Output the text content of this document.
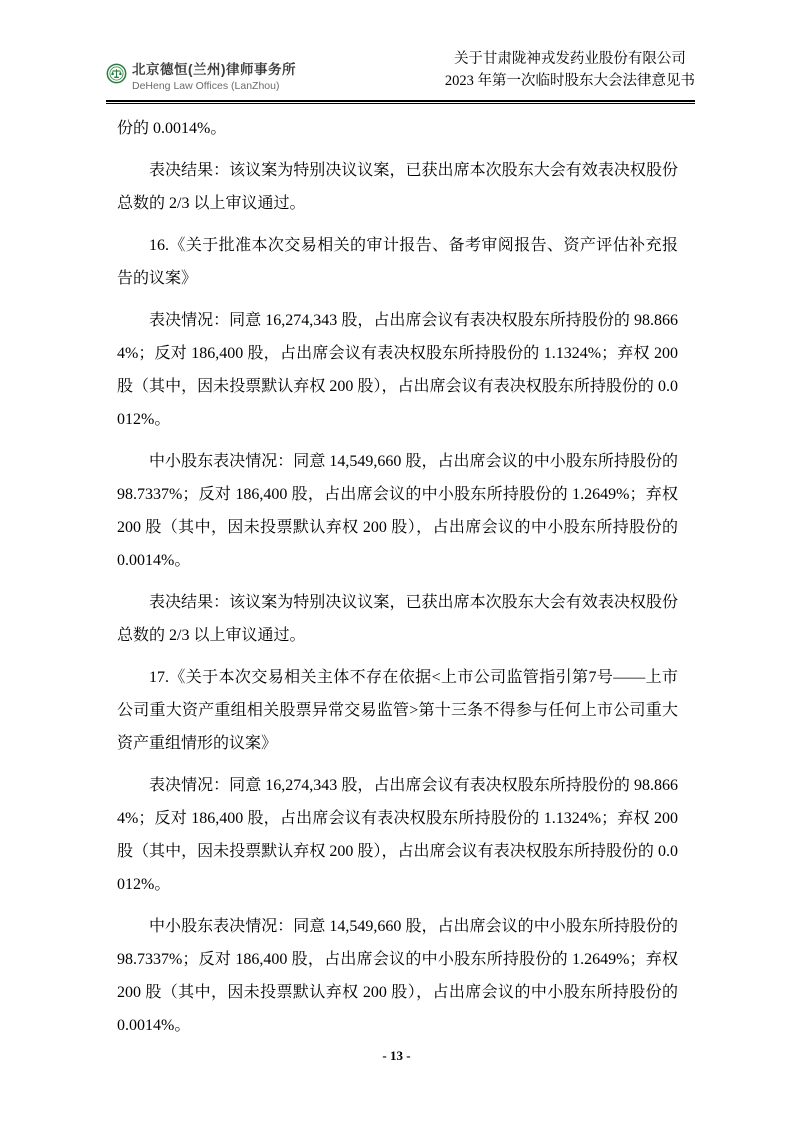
北京德恒(兰州)律师事务所
DeHeng Law Offices (LanZhou)
关于甘肃陇神戎发药业股份有限公司
2023 年第一次临时股东大会法律意见书

份的 0.0014%。

表决结果：该议案为特别决议议案，已获出席本次股东大会有效表决权股份总数的 2/3 以上审议通过。

16.《关于批准本次交易相关的审计报告、备考审阅报告、资产评估补充报告的议案》

表决情况：同意 16,274,343 股，占出席会议有表决权股东所持股份的 98.8664%；反对 186,400 股，占出席会议有表决权股东所持股份的 1.1324%；弃权 200 股（其中，因未投票默认弃权 200 股），占出席会议有表决权股东所持股份的 0.0012%。

中小股东表决情况：同意 14,549,660 股，占出席会议的中小股东所持股份的 98.7337%；反对 186,400 股，占出席会议的中小股东所持股份的 1.2649%；弃权 200 股（其中，因未投票默认弃权 200 股），占出席会议的中小股东所持股份的 0.0014%。

表决结果：该议案为特别决议议案，已获出席本次股东大会有效表决权股份总数的 2/3 以上审议通过。

17.《关于本次交易相关主体不存在依据<上市公司监管指引第7号——上市公司重大资产重组相关股票异常交易监管>第十三条不得参与任何上市公司重大资产重组情形的议案》

表决情况：同意 16,274,343 股，占出席会议有表决权股东所持股份的 98.8664%；反对 186,400 股，占出席会议有表决权股东所持股份的 1.1324%；弃权 200 股（其中，因未投票默认弃权 200 股），占出席会议有表决权股东所持股份的 0.0012%。

中小股东表决情况：同意 14,549,660 股，占出席会议的中小股东所持股份的 98.7337%；反对 186,400 股，占出席会议的中小股东所持股份的 1.2649%；弃权 200 股（其中，因未投票默认弃权 200 股），占出席会议的中小股东所持股份的 0.0014%。

- 13 -
